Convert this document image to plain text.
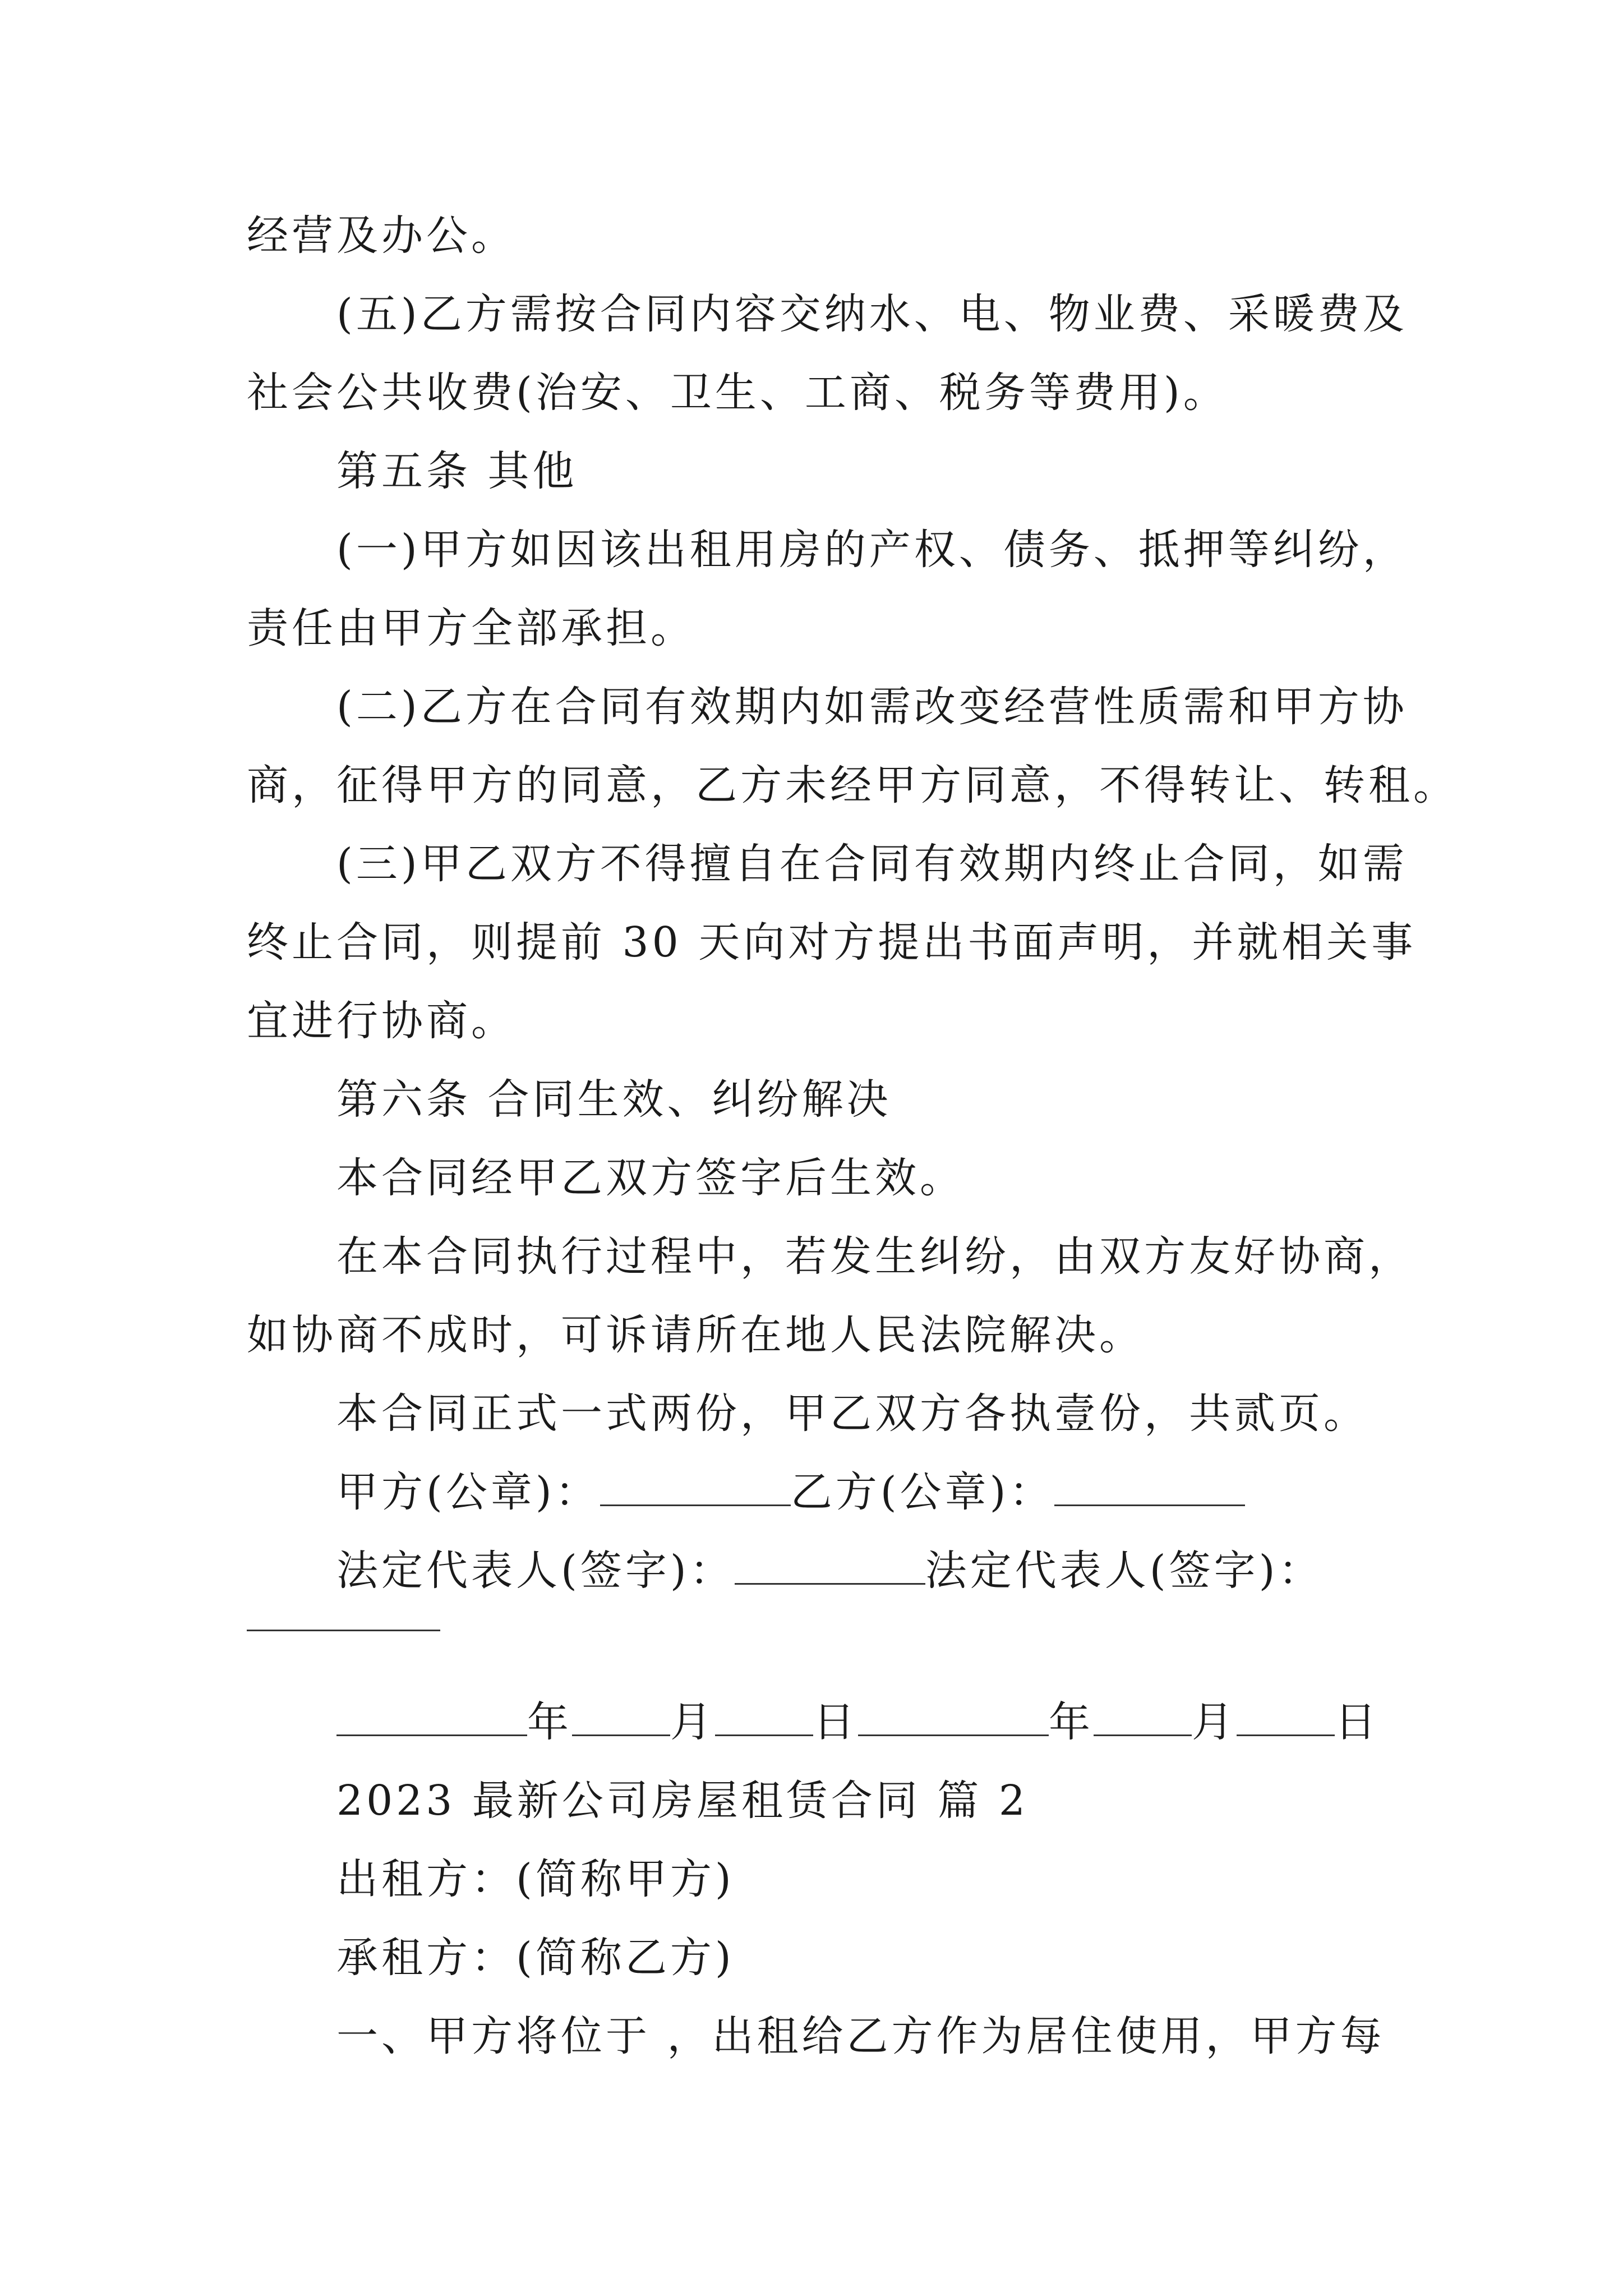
经营及办公。
(五)乙方需按合同内容交纳水、电、物业费、采暖费及
社会公共收费(治安、卫生、工商、税务等费用)。
第五条 其他
(一)甲方如因该出租用房的产权、债务、抵押等纠纷，
责任由甲方全部承担。
(二)乙方在合同有效期内如需改变经营性质需和甲方协
商，征得甲方的同意，乙方未经甲方同意，不得转让、转租。
(三)甲乙双方不得擅自在合同有效期内终止合同，如需
终止合同，则提前 30 天向对方提出书面声明，并就相关事
宜进行协商。
第六条 合同生效、纠纷解决
本合同经甲乙双方签字后生效。
在本合同执行过程中，若发生纠纷，由双方友好协商，
如协商不成时，可诉请所在地人民法院解决。
本合同正式一式两份，甲乙双方各执壹份，共贰页。
甲方(公章)：	乙方(公章)：
法定代表人(签字)：	法定代表人(签字)：
年 月 日	年 月 日
2023 最新公司房屋租赁合同 篇 2
出租方：(简称甲方)
承租方：(简称乙方)
一、甲方将位于 ，出租给乙方作为居住使用，甲方每
